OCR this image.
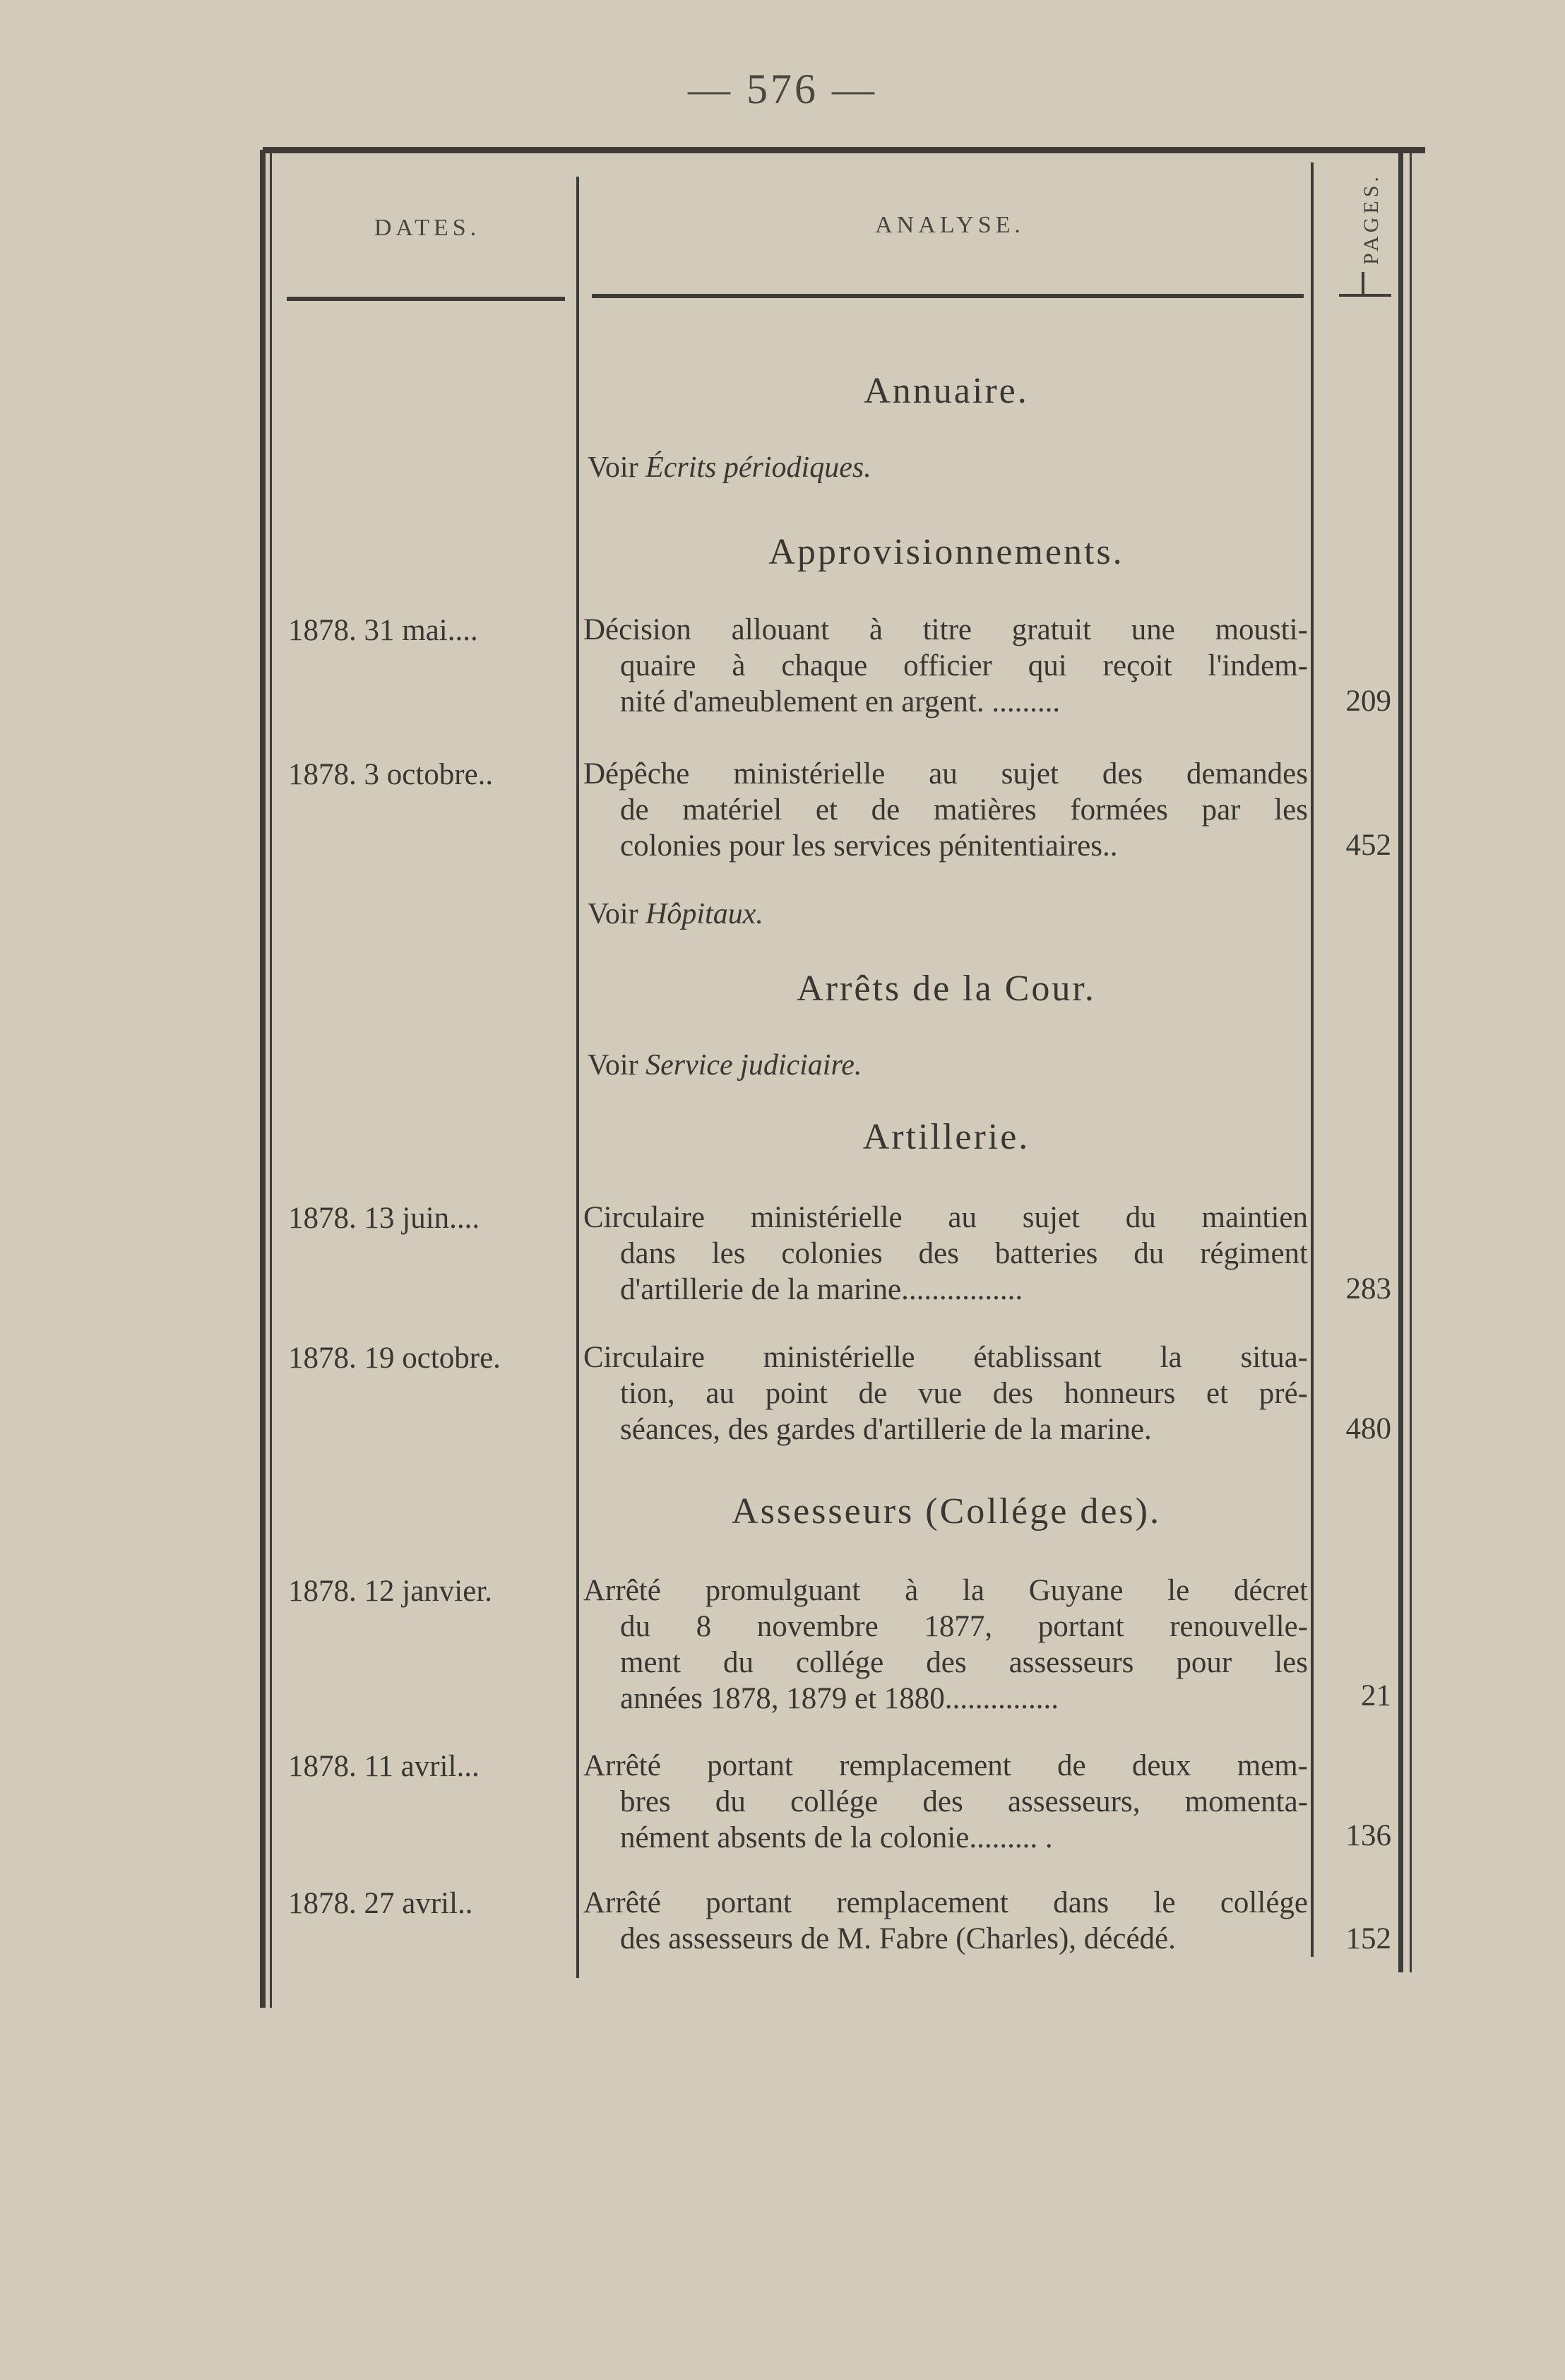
— 576 —
DATES.	ANALYSE.	PAGES.
Annuaire.
Voir Écrits périodiques.
Approvisionnements.
1878. 31 mai....	Décision allouant à titre gratuit une mousti-
quaire à chaque officier qui reçoit l'indem-
nité d'ameublement en argent. .........	209
1878. 3 octobre..	Dépêche ministérielle au sujet des demandes
de matériel et de matières formées par les
colonies pour les services pénitentiaires..	452
Voir Hôpitaux.
Arrêts de la Cour.
Voir Service judiciaire.
Artillerie.
1878. 13 juin....	Circulaire ministérielle au sujet du maintien
dans les colonies des batteries du régiment
d'artillerie de la marine................	283
1878. 19 octobre.	Circulaire ministérielle établissant la situa-
tion, au point de vue des honneurs et pré-
séances, des gardes d'artillerie de la marine.	480
Assesseurs (Collége des).
1878. 12 janvier.	Arrêté promulguant à la Guyane le décret
du 8 novembre 1877, portant renouvelle-
ment du collége des assesseurs pour les
années 1878, 1879 et 1880...............	21
1878. 11 avril...	Arrêté portant remplacement de deux mem-
bres du collége des assesseurs, momenta-
nément absents de la colonie......... .	136
1878. 27 avril..	Arrêté portant remplacement dans le collége
des assesseurs de M. Fabre (Charles), décédé.	152
